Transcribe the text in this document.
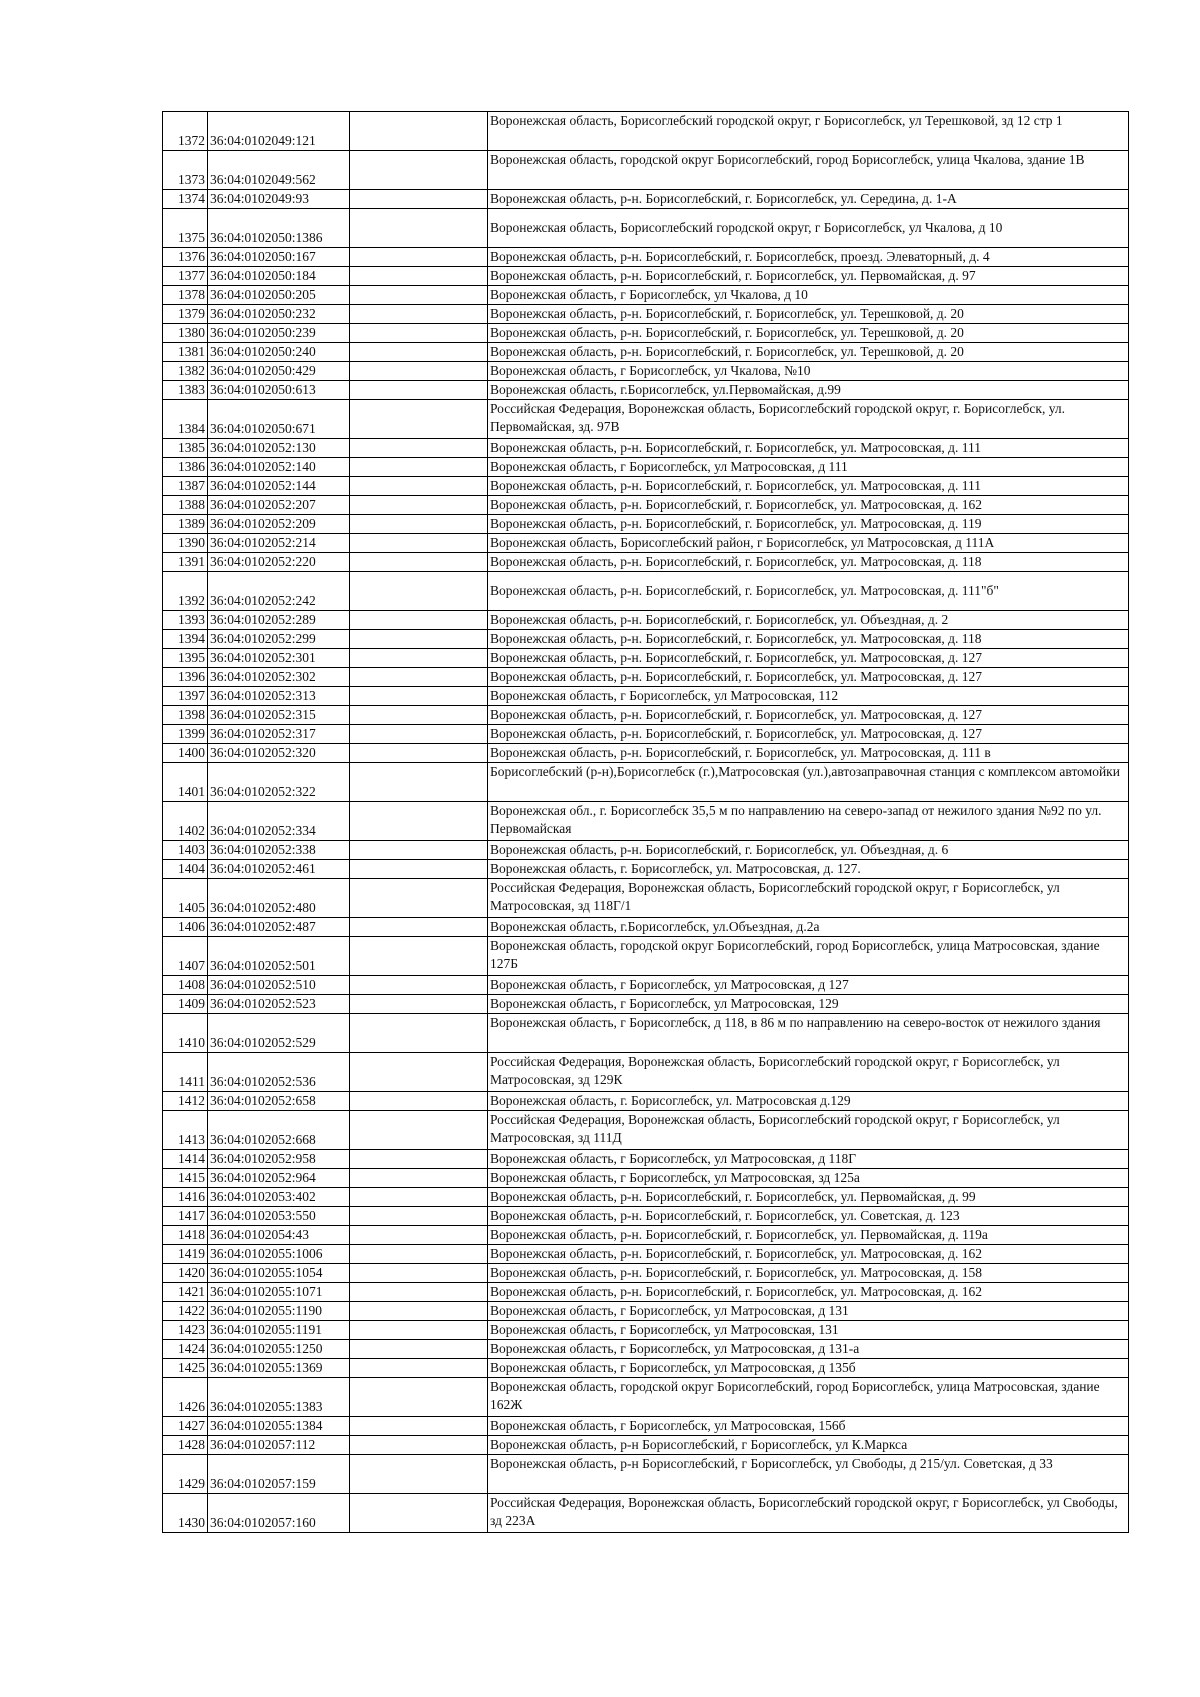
1372	36:04:0102049:121		Воронежская область, Борисоглебский городской округ, г Борисоглебск, ул Терешковой, зд 12 стр 1
1373	36:04:0102049:562		Воронежская область, городской округ Борисоглебский, город Борисоглебск, улица Чкалова, здание 1В
1374	36:04:0102049:93		Воронежская область, р-н. Борисоглебский, г. Борисоглебск, ул. Середина, д. 1-А
1375	36:04:0102050:1386		Воронежская область, Борисоглебский городской округ, г Борисоглебск, ул Чкалова, д 10
1376	36:04:0102050:167		Воронежская область, р-н. Борисоглебский, г. Борисоглебск, проезд. Элеваторный, д. 4
1377	36:04:0102050:184		Воронежская область, р-н. Борисоглебский, г. Борисоглебск, ул. Первомайская, д. 97
1378	36:04:0102050:205		Воронежская область, г Борисоглебск, ул Чкалова, д 10
1379	36:04:0102050:232		Воронежская область, р-н. Борисоглебский, г. Борисоглебск, ул. Терешковой, д. 20
1380	36:04:0102050:239		Воронежская область, р-н. Борисоглебский, г. Борисоглебск, ул. Терешковой, д. 20
1381	36:04:0102050:240		Воронежская область, р-н. Борисоглебский, г. Борисоглебск, ул. Терешковой, д. 20
1382	36:04:0102050:429		Воронежская область, г Борисоглебск, ул Чкалова, №10
1383	36:04:0102050:613		Воронежская область, г.Борисоглебск, ул.Первомайская, д.99
1384	36:04:0102050:671		Российская Федерация, Воронежская область, Борисоглебский городской округ, г. Борисоглебск, ул. Первомайская, зд. 97В
1385	36:04:0102052:130		Воронежская область, р-н. Борисоглебский, г. Борисоглебск, ул. Матросовская, д. 111
1386	36:04:0102052:140		Воронежская область, г Борисоглебск, ул Матросовская, д 111
1387	36:04:0102052:144		Воронежская область, р-н. Борисоглебский, г. Борисоглебск, ул. Матросовская, д. 111
1388	36:04:0102052:207		Воронежская область, р-н. Борисоглебский, г. Борисоглебск, ул. Матросовская, д. 162
1389	36:04:0102052:209		Воронежская область, р-н. Борисоглебский, г. Борисоглебск, ул. Матросовская, д. 119
1390	36:04:0102052:214		Воронежская область, Борисоглебский район, г Борисоглебск, ул Матросовская, д 111А
1391	36:04:0102052:220		Воронежская область, р-н. Борисоглебский, г. Борисоглебск, ул. Матросовская, д. 118
1392	36:04:0102052:242		Воронежская область, р-н. Борисоглебский, г. Борисоглебск, ул. Матросовская, д. 111"б"
1393	36:04:0102052:289		Воронежская область, р-н. Борисоглебский, г. Борисоглебск, ул. Объездная, д. 2
1394	36:04:0102052:299		Воронежская область, р-н. Борисоглебский, г. Борисоглебск, ул. Матросовская, д. 118
1395	36:04:0102052:301		Воронежская область, р-н. Борисоглебский, г. Борисоглебск, ул. Матросовская, д. 127
1396	36:04:0102052:302		Воронежская область, р-н. Борисоглебский, г. Борисоглебск, ул. Матросовская, д. 127
1397	36:04:0102052:313		Воронежская область, г Борисоглебск, ул Матросовская, 112
1398	36:04:0102052:315		Воронежская область, р-н. Борисоглебский, г. Борисоглебск, ул. Матросовская, д. 127
1399	36:04:0102052:317		Воронежская область, р-н. Борисоглебский, г. Борисоглебск, ул. Матросовская, д. 127
1400	36:04:0102052:320		Воронежская область, р-н. Борисоглебский, г. Борисоглебск, ул. Матросовская, д. 111 в
1401	36:04:0102052:322		Борисоглебский (р-н),Борисоглебск (г.),Матросовская (ул.),автозаправочная станция с комплексом автомойки
1402	36:04:0102052:334		Воронежская обл., г. Борисоглебск 35,5 м по направлению на северо-запад от нежилого здания №92 по ул. Первомайская
1403	36:04:0102052:338		Воронежская область, р-н. Борисоглебский, г. Борисоглебск, ул. Объездная, д. 6
1404	36:04:0102052:461		Воронежская область, г. Борисоглебск, ул. Матросовская, д. 127.
1405	36:04:0102052:480		Российская Федерация, Воронежская область, Борисоглебский городской округ, г Борисоглебск, ул Матросовская, зд 118Г/1
1406	36:04:0102052:487		Воронежская область, г.Борисоглебск, ул.Объездная, д.2а
1407	36:04:0102052:501		Воронежская область, городской округ Борисоглебский, город Борисоглебск, улица Матросовская, здание 127Б
1408	36:04:0102052:510		Воронежская область, г Борисоглебск, ул Матросовская, д 127
1409	36:04:0102052:523		Воронежская область, г Борисоглебск, ул Матросовская, 129
1410	36:04:0102052:529		Воронежская область, г Борисоглебск, д 118, в 86 м по направлению на северо-восток от нежилого здания
1411	36:04:0102052:536		Российская Федерация, Воронежская область, Борисоглебский городской округ, г Борисоглебск, ул Матросовская, зд 129К
1412	36:04:0102052:658		Воронежская область, г. Борисоглебск, ул. Матросовская д.129
1413	36:04:0102052:668		Российская Федерация, Воронежская область, Борисоглебский городской округ, г Борисоглебск, ул Матросовская, зд 111Д
1414	36:04:0102052:958		Воронежская область, г Борисоглебск, ул Матросовская, д 118Г
1415	36:04:0102052:964		Воронежская область, г Борисоглебск, ул Матросовская, зд 125а
1416	36:04:0102053:402		Воронежская область, р-н. Борисоглебский, г. Борисоглебск, ул. Первомайская, д. 99
1417	36:04:0102053:550		Воронежская область, р-н. Борисоглебский, г. Борисоглебск, ул. Советская, д. 123
1418	36:04:0102054:43		Воронежская область, р-н. Борисоглебский, г. Борисоглебск, ул. Первомайская, д. 119а
1419	36:04:0102055:1006		Воронежская область, р-н. Борисоглебский, г. Борисоглебск, ул. Матросовская, д. 162
1420	36:04:0102055:1054		Воронежская область, р-н. Борисоглебский, г. Борисоглебск, ул. Матросовская, д. 158
1421	36:04:0102055:1071		Воронежская область, р-н. Борисоглебский, г. Борисоглебск, ул. Матросовская, д. 162
1422	36:04:0102055:1190		Воронежская область, г Борисоглебск, ул Матросовская, д 131
1423	36:04:0102055:1191		Воронежская область, г Борисоглебск, ул Матросовская, 131
1424	36:04:0102055:1250		Воронежская область, г Борисоглебск, ул Матросовская, д 131-а
1425	36:04:0102055:1369		Воронежская область, г Борисоглебск, ул Матросовская, д 135б
1426	36:04:0102055:1383		Воронежская область, городской округ Борисоглебский, город Борисоглебск, улица Матросовская, здание 162Ж
1427	36:04:0102055:1384		Воронежская область, г Борисоглебск, ул Матросовская, 156б
1428	36:04:0102057:112		Воронежская область, р-н Борисоглебский, г Борисоглебск, ул К.Маркса
1429	36:04:0102057:159		Воронежская область, р-н Борисоглебский, г Борисоглебск, ул Свободы, д 215/ул. Советская, д 33
1430	36:04:0102057:160		Российская Федерация, Воронежская область, Борисоглебский городской округ, г Борисоглебск, ул Свободы, зд 223А
